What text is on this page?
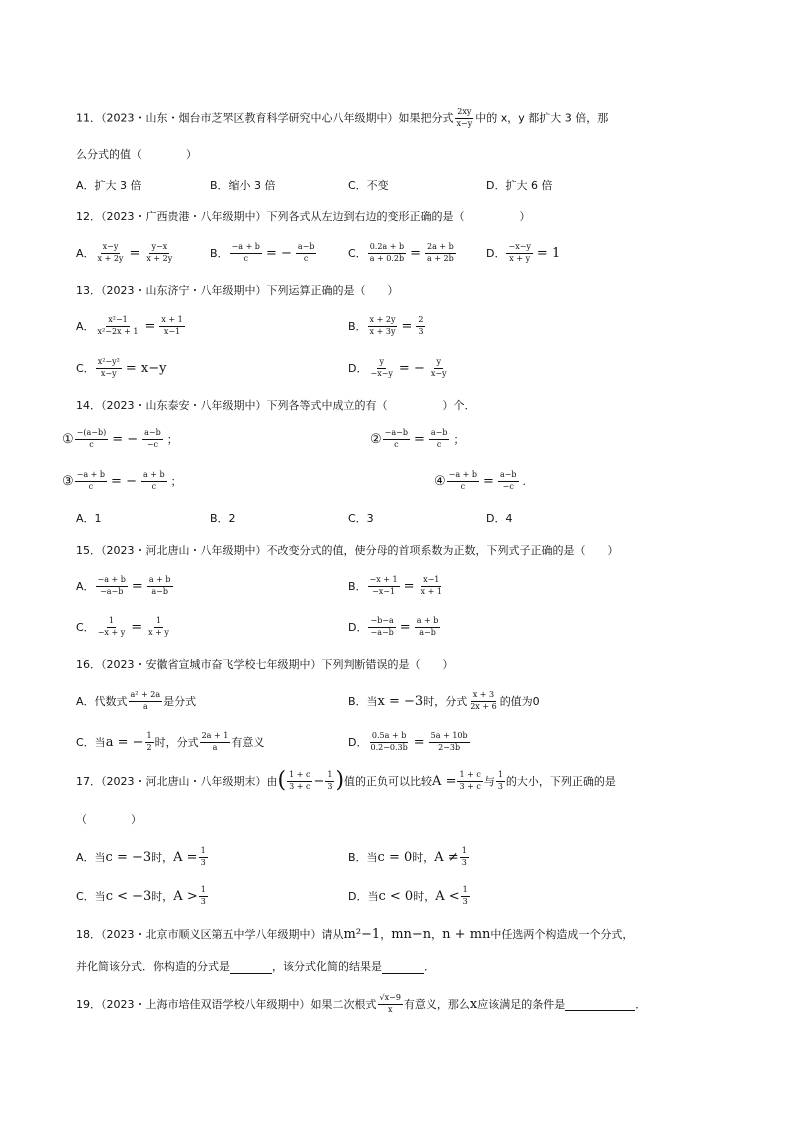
11．（2023・山东・烟台市芝罘区教育科学研究中心八年级期中）如果把分式 $\frac{2xy}{x-y}$ 中的 x，y 都扩大 3 倍，那
么分式的值（　　　　）
A．扩大 3 倍	B．缩小 3 倍	C．不变	D．扩大 6 倍
12．（2023・广西贵港・八年级期中）下列各式从左边到右边的变形正确的是（　　　　　）
A． $\frac{x-y}{x + 2y} = \frac{y-x}{x + 2y}$	B． $\frac{-a + b}{c}$ = − $\frac{a-b}{c}$	C． $\frac{0.2a + b}{a + 0.2b} = \frac{2a + b}{a + 2b}$	D． $\frac{-x-y}{x + y} = 1$
13．（2023・山东济宁・八年级期中）下列运算正确的是（　　）
A． $\frac{\text{x²−1}}{\text{x²−2x + 1}} = \frac{x + 1}{x-1}$	B． $\frac{x + 2y}{x + 3y} = \frac{2}{3}$
C． $\frac{\text{x²−y²}}{x-y} = x-y$	D． $\frac{y}{-x-y}$ = − $\frac{y}{x-y}$
14．（2023・山东泰安・八年级期中）下列各等式中成立的有（　　　　　）个．
① $\frac{-(a-b)}{c}$ = − $\frac{a-b}{-c}$ ；	② $\frac{-a-b}{c} = \frac{a-b}{c}$ ；
③ $\frac{-a + b}{c}$ = − $\frac{a + b}{c}$ ；	④ $\frac{-a + b}{c} = \frac{a-b}{-c}$ .
A．1	B．2	C．3	D．4
15．（2023・河北唐山・八年级期中）不改变分式的值，使分母的首项系数为正数，下列式子正确的是（　　）
A． $\frac{-a + b}{-a-b} = \frac{a + b}{a-b}$	B． $\frac{-x + 1}{-x-1} = \frac{x-1}{x + 1}$
C． $\frac{1}{-x + y} = \frac{1}{x + y}$	D． $\frac{-b-a}{-a-b} = \frac{a + b}{a-b}$
16．（2023・安徽省宣城市奋飞学校七年级期中）下列判断错误的是（　　）
A．代数式 $\frac{\text{a² + 2a}}{a}$ 是分式	B．当 x = −3 时，分式 $\frac{x + 3}{2x + 6}$ 的值为0
C．当 a = − $\frac{1}{2}$ 时，分式 $\frac{2a + 1}{a}$ 有意义	D． $\frac{0.5a + b}{0.2-0.3b} = \frac{5a + 10b}{2-3b}$
17．（2023・河北唐山・八年级期末）由 ( $\frac{1 + c}{3 + c} - \frac{1}{3}$ ) 值的正负可以比较 $A = \frac{1 + c}{3 + c}$ 与 $\frac{1}{3}$ 的大小，下列正确的是
（　　　　）
A．当 c = −3 时， $A = \frac{1}{3}$	B．当 c = 0 时， $A \ne \frac{1}{3}$
C．当 c < −3 时， $A > \frac{1}{3}$	D．当 c < 0 时， $A < \frac{1}{3}$
18．（2023・北京市顺义区第五中学八年级期中）请从m²−1，mn−n，n + mn中任选两个构造成一个分式，
并化简该分式．你构造的分式是	，该分式化简的结果是	．
19．（2023・上海市培佳双语学校八年级期中）如果二次根式 $\frac{√x-9}{x}$ 有意义，那么 x 应该满足的条件是	．
